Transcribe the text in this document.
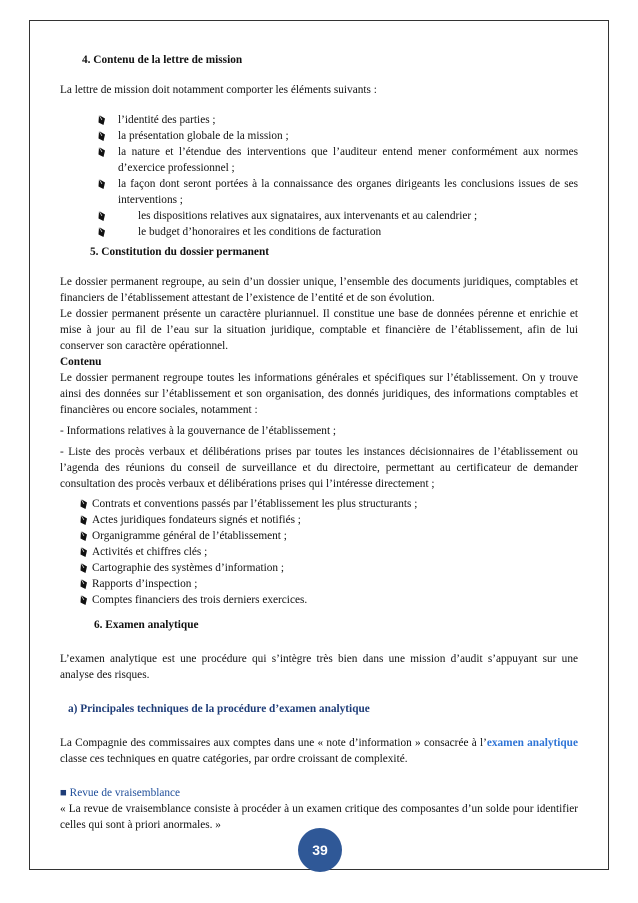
4. Contenu de la lettre de mission

La lettre de mission doit notamment comporter les éléments suivants :

l’identité des parties ;

la présentation globale de la mission ;

la nature et l’étendue des interventions que l’auditeur entend mener conformément aux normes d’exercice professionnel ;

la façon dont seront portées à la connaissance des organes dirigeants les conclusions issues de ses interventions ;

les dispositions relatives aux signataires, aux intervenants et au calendrier ;

le budget d’honoraires et les conditions de facturation

5. Constitution du dossier permanent

Le dossier permanent regroupe, au sein d’un dossier unique, l’ensemble des documents juridiques, comptables et financiers de l’établissement attestant de l’existence de l’entité et de son évolution.

Le dossier permanent présente un caractère pluriannuel. Il constitue une base de données pérenne et enrichie et mise à jour au fil de l’eau sur la situation juridique, comptable et financière de l’établissement, afin de lui conserver son caractère opérationnel.

Contenu

Le dossier permanent regroupe toutes les informations générales et spécifiques sur l’établissement. On y trouve ainsi des données sur l’établissement et son organisation, des donnés juridiques, des informations comptables et financières ou encore sociales, notamment :

- Informations relatives à la gouvernance de l’établissement ;

- Liste des procès verbaux et délibérations prises par toutes les instances décisionnaires de l’établissement ou l’agenda des réunions du conseil de surveillance et du directoire, permettant au certificateur de demander consultation des procès verbaux et délibérations prises qui l’intéresse directement ;

Contrats et conventions passés par l’établissement les plus structurants ;

Actes juridiques fondateurs signés et notifiés ;

Organigramme général de l’établissement ;

Activités et chiffres clés ;

Cartographie des systèmes d’information ;

Rapports d’inspection ;

Comptes financiers des trois derniers exercices.

6. Examen analytique

L’examen analytique est une procédure qui s’intègre très bien dans une mission d’audit s’appuyant sur une analyse des risques.

a) Principales techniques de la procédure d’examen analytique

La Compagnie des commissaires aux comptes dans une « note d’information » consacrée à l’examen analytique classe ces techniques en quatre catégories, par ordre croissant de complexité.

■ Revue de vraisemblance

« La revue de vraisemblance consiste à procéder à un examen critique des composantes d’un solde pour identifier celles qui sont à priori anormales. »

39
